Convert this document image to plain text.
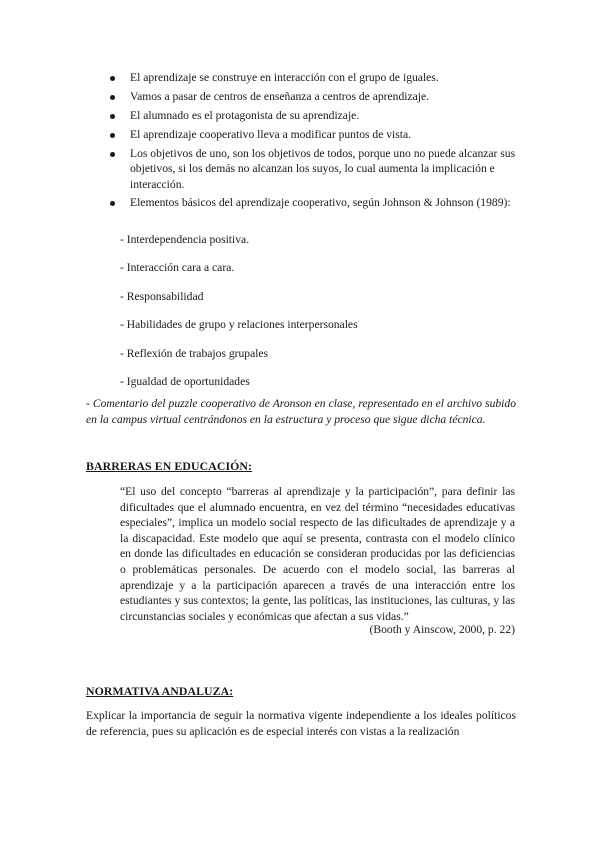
El aprendizaje se construye en interacción con el grupo de iguales.
Vamos a pasar de centros de enseñanza a centros de aprendizaje.
El alumnado es el protagonista de su aprendizaje.
El aprendizaje cooperativo lleva a modificar puntos de vista.
Los objetivos de uno, son los objetivos de todos, porque uno no puede alcanzar sus objetivos, si los demás no alcanzan los suyos, lo cual aumenta la implicación e interacción.
Elementos básicos del aprendizaje cooperativo, según Johnson & Johnson (1989):
- Interdependencia positiva.
- Interacción cara a cara.
- Responsabilidad
- Habilidades de grupo y relaciones interpersonales
- Reflexión de trabajos grupales
- Igualdad de oportunidades

- Comentario del puzzle cooperativo de Aronson en clase, representado en el archivo subido en la campus virtual centrándonos en la estructura y proceso que sigue dicha técnica.

BARRERAS EN EDUCACIÓN:

“El uso del concepto “barreras al aprendizaje y la participación”, para definir las dificultades que el alumnado encuentra, en vez del término “necesidades educativas especiales”, implica un modelo social respecto de las dificultades de aprendizaje y a la discapacidad. Este modelo que aquí se presenta, contrasta con el modelo clínico en donde las dificultades en educación se consideran producidas por las deficiencias o problemáticas personales. De acuerdo con el modelo social, las barreras al aprendizaje y a la participación aparecen a través de una interacción entre los estudiantes y sus contextos; la gente, las políticas, las instituciones, las culturas, y las circunstancias sociales y económicas que afectan a sus vidas.”

(Booth y Ainscow, 2000, p. 22)
NORMATIVA ANDALUZA:

Explicar la importancia de seguir la normativa vigente independiente a los ideales políticos de referencia, pues su aplicación es de especial interés con vistas a la realización
